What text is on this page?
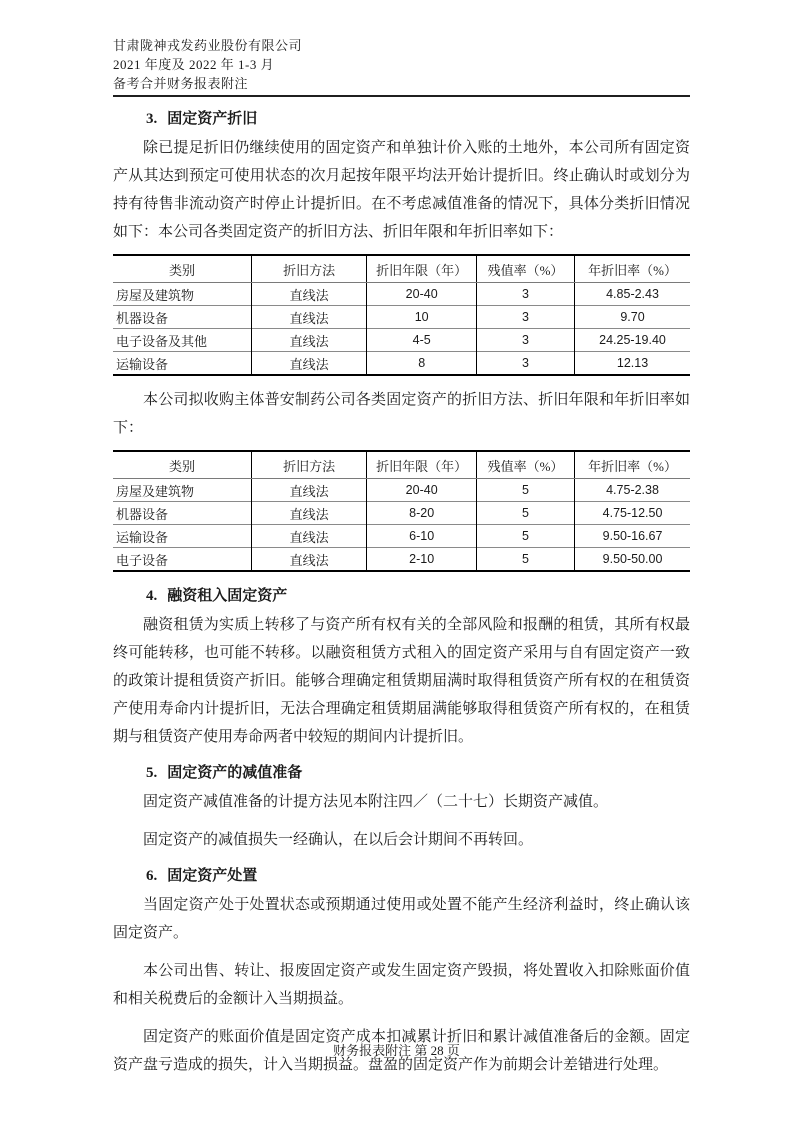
甘肃陇神戎发药业股份有限公司
2021 年度及 2022 年 1-3 月
备考合并财务报表附注
3. 固定资产折旧

除已提足折旧仍继续使用的固定资产和单独计价入账的土地外，本公司所有固定资产从其达到预定可使用状态的次月起按年限平均法开始计提折旧。终止确认时或划分为持有待售非流动资产时停止计提折旧。在不考虑减值准备的情况下，具体分类折旧情况如下：本公司各类固定资产的折旧方法、折旧年限和年折旧率如下：

类别	折旧方法	折旧年限（年）	残值率（%）	年折旧率（%）
房屋及建筑物	直线法	20-40	3	4.85-2.43
机器设备	直线法	10	3	9.70
电子设备及其他	直线法	4-5	3	24.25-19.40
运输设备	直线法	8	3	12.13

本公司拟收购主体普安制药公司各类固定资产的折旧方法、折旧年限和年折旧率如下：

类别	折旧方法	折旧年限（年）	残值率（%）	年折旧率（%）
房屋及建筑物	直线法	20-40	5	4.75-2.38
机器设备	直线法	8-20	5	4.75-12.50
运输设备	直线法	6-10	5	9.50-16.67
电子设备	直线法	2-10	5	9.50-50.00
4. 融资租入固定资产

融资租赁为实质上转移了与资产所有权有关的全部风险和报酬的租赁，其所有权最终可能转移，也可能不转移。以融资租赁方式租入的固定资产采用与自有固定资产一致的政策计提租赁资产折旧。能够合理确定租赁期届满时取得租赁资产所有权的在租赁资产使用寿命内计提折旧，无法合理确定租赁期届满能够取得租赁资产所有权的，在租赁期与租赁资产使用寿命两者中较短的期间内计提折旧。

5. 固定资产的减值准备

固定资产减值准备的计提方法见本附注四／（二十七）长期资产减值。

固定资产的减值损失一经确认，在以后会计期间不再转回。

6. 固定资产处置

当固定资产处于处置状态或预期通过使用或处置不能产生经济利益时，终止确认该固定资产。

本公司出售、转让、报废固定资产或发生固定资产毁损，将处置收入扣除账面价值和相关税费后的金额计入当期损益。

固定资产的账面价值是固定资产成本扣减累计折旧和累计减值准备后的金额。固定资产盘亏造成的损失，计入当期损益。盘盈的固定资产作为前期会计差错进行处理。

财务报表附注 第 28 页
